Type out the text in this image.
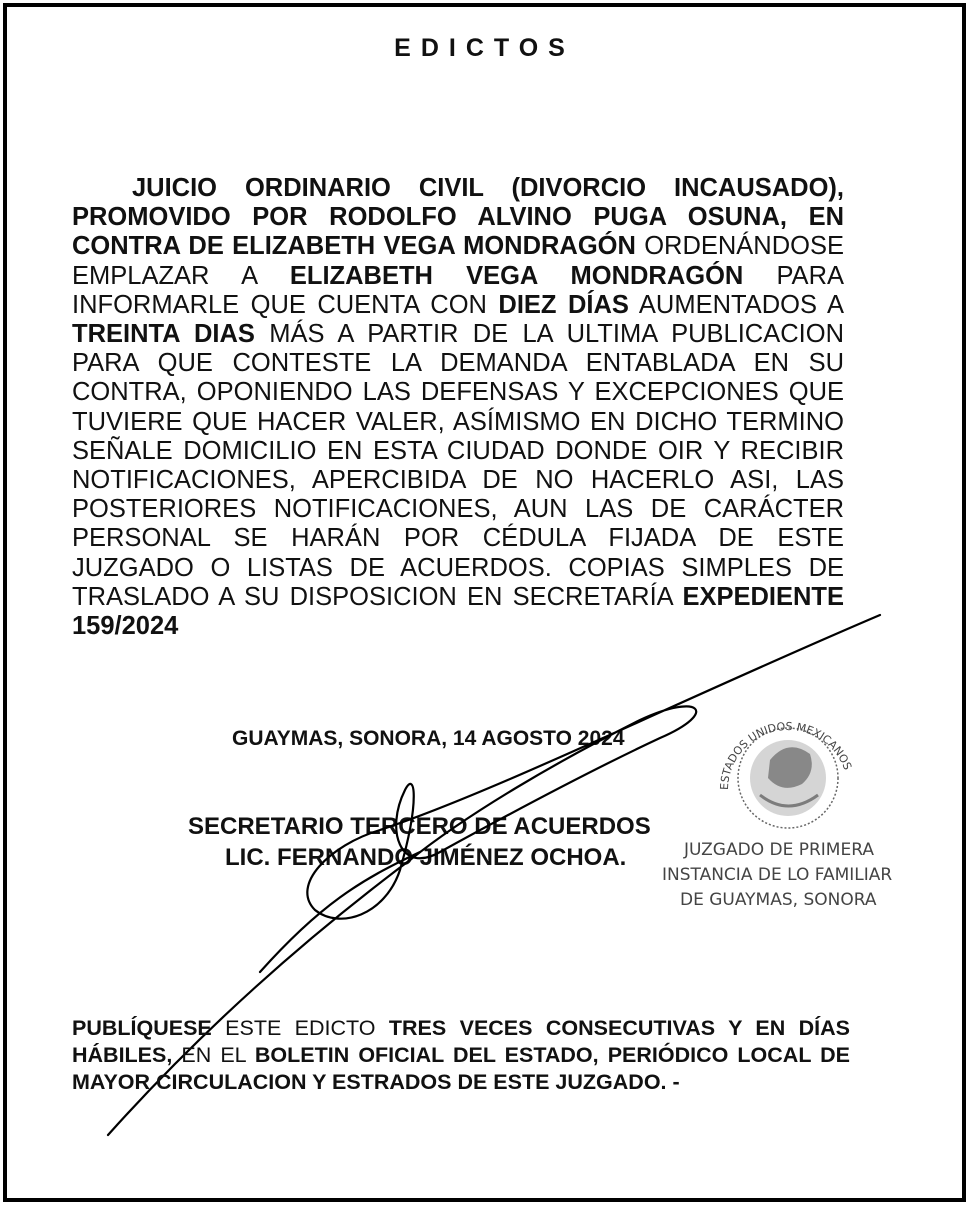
EDICTOS

JUICIO ORDINARIO CIVIL (DIVORCIO INCAUSADO), PROMOVIDO POR RODOLFO ALVINO PUGA OSUNA, EN CONTRA DE ELIZABETH VEGA MONDRAGÓN ORDENÁNDOSE EMPLAZAR A ELIZABETH VEGA MONDRAGÓN PARA INFORMARLE QUE CUENTA CON DIEZ DÍAS AUMENTADOS A TREINTA DIAS MÁS A PARTIR DE LA ULTIMA PUBLICACION PARA QUE CONTESTE LA DEMANDA ENTABLADA EN SU CONTRA, OPONIENDO LAS DEFENSAS Y EXCEPCIONES QUE TUVIERE QUE HACER VALER, ASÍMISMO EN DICHO TERMINO SEÑALE DOMICILIO EN ESTA CIUDAD DONDE OIR Y RECIBIR NOTIFICACIONES, APERCIBIDA DE NO HACERLO ASI, LAS POSTERIORES NOTIFICACIONES, AUN LAS DE CARÁCTER PERSONAL SE HARÁN POR CÉDULA FIJADA DE ESTE JUZGADO O LISTAS DE ACUERDOS. COPIAS SIMPLES DE TRASLADO A SU DISPOSICION EN SECRETARÍA EXPEDIENTE 159/2024

GUAYMAS, SONORA, 14 AGOSTO 2024
SECRETARIO TERCERO DE ACUERDOS
LIC. FERNANDO JIMÉNEZ OCHOA.	JUZGADO DE PRIMERA
INSTANCIA DE LO FAMILIAR
DE GUAYMAS, SONORA
ESTADOS UNIDOS MEXICANOS
PUBLÍQUESE ESTE EDICTO TRES VECES CONSECUTIVAS Y EN DÍAS HÁBILES, EN EL BOLETIN OFICIAL DEL ESTADO, PERIÓDICO LOCAL DE MAYOR CIRCULACION Y ESTRADOS DE ESTE JUZGADO. -
